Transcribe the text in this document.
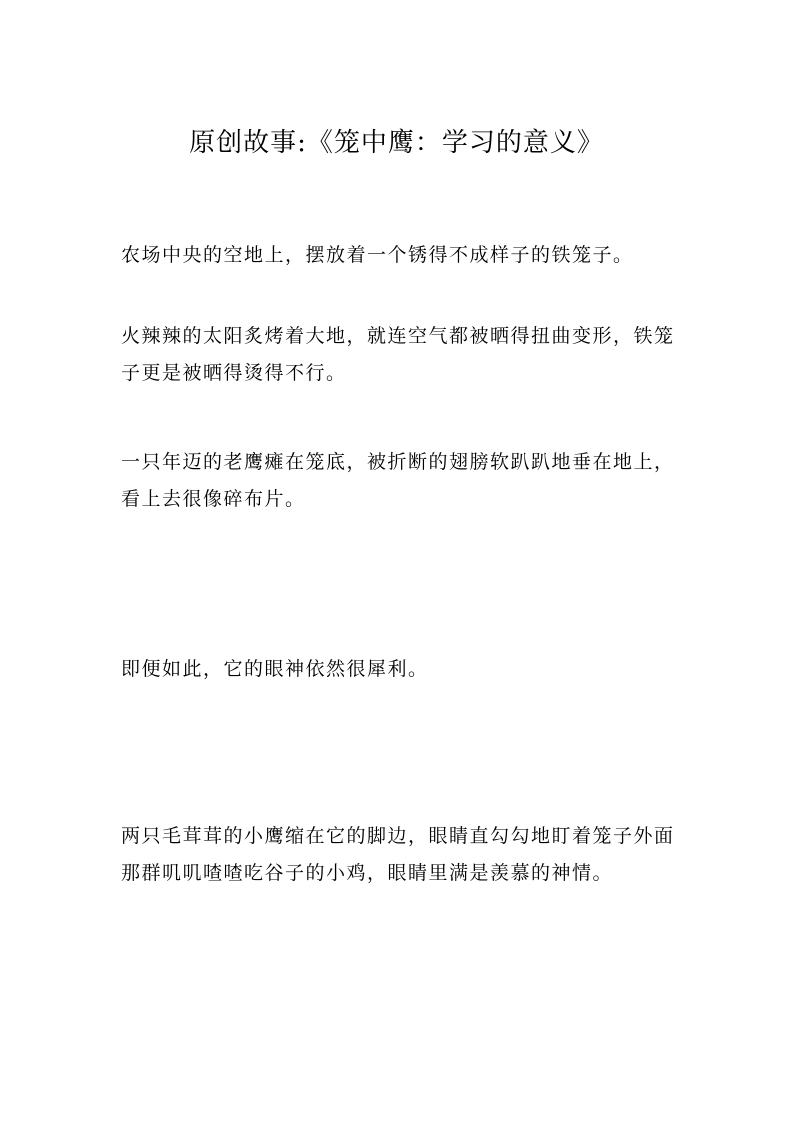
原创故事:《笼中鹰：学习的意义》

农场中央的空地上，摆放着一个锈得不成样子的铁笼子。

火辣辣的太阳炙烤着大地，就连空气都被晒得扭曲变形，铁笼子更是被晒得烫得不行。

一只年迈的老鹰瘫在笼底，被折断的翅膀软趴趴地垂在地上，看上去很像碎布片。

即便如此，它的眼神依然很犀利。

两只毛茸茸的小鹰缩在它的脚边，眼睛直勾勾地盯着笼子外面那群叽叽喳喳吃谷子的小鸡，眼睛里满是羡慕的神情。
